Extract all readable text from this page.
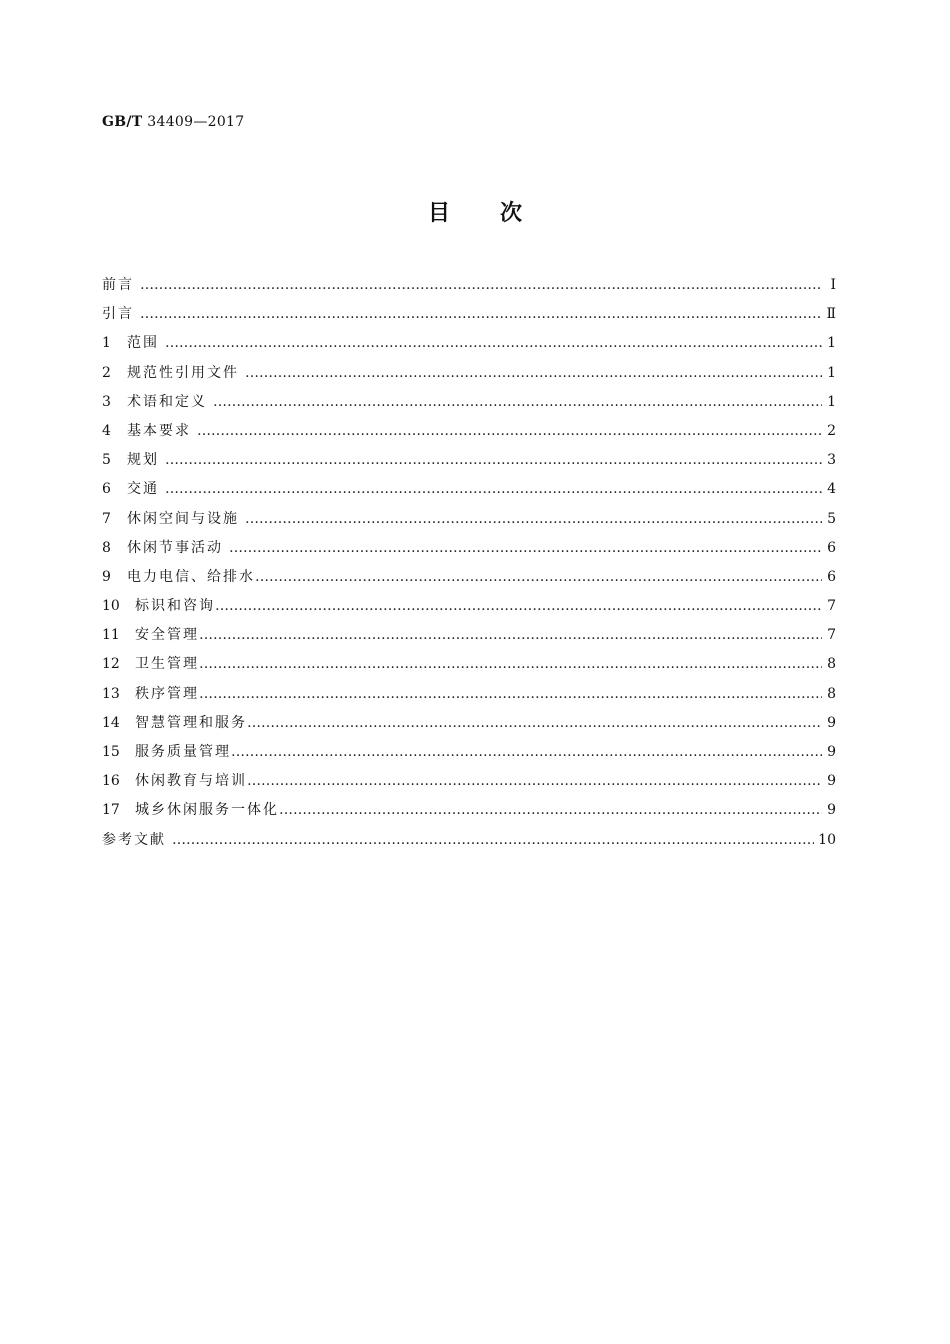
GB/T 34409—2017
目 次
前言 ……………………………………………………………………………………………………………………………………………………………………………	Ⅰ
引言 ……………………………………………………………………………………………………………………………………………………………………………	Ⅱ
1	范围 ……………………………………………………………………………………………………………………………………………………………………………	1
2	规范性引用文件 ……………………………………………………………………………………………………………………………………………………………………………	1
3	术语和定义 ……………………………………………………………………………………………………………………………………………………………………………	1
4	基本要求 ……………………………………………………………………………………………………………………………………………………………………………	2
5	规划 ……………………………………………………………………………………………………………………………………………………………………………	3
6	交通 ……………………………………………………………………………………………………………………………………………………………………………	4
7	休闲空间与设施 ……………………………………………………………………………………………………………………………………………………………………………	5
8	休闲节事活动 ……………………………………………………………………………………………………………………………………………………………………………	6
9	电力电信、给排水 ……………………………………………………………………………………………………………………………………………………………………………	6
10	标识和咨询 ……………………………………………………………………………………………………………………………………………………………………………	7
11	安全管理 ……………………………………………………………………………………………………………………………………………………………………………	7
12	卫生管理 ……………………………………………………………………………………………………………………………………………………………………………	8
13	秩序管理 ……………………………………………………………………………………………………………………………………………………………………………	8
14	智慧管理和服务 ……………………………………………………………………………………………………………………………………………………………………………	9
15	服务质量管理 ……………………………………………………………………………………………………………………………………………………………………………	9
16	休闲教育与培训 ……………………………………………………………………………………………………………………………………………………………………………	9
17	城乡休闲服务一体化 ……………………………………………………………………………………………………………………………………………………………………………	9
参考文献 ……………………………………………………………………………………………………………………………………………………………………………	10
